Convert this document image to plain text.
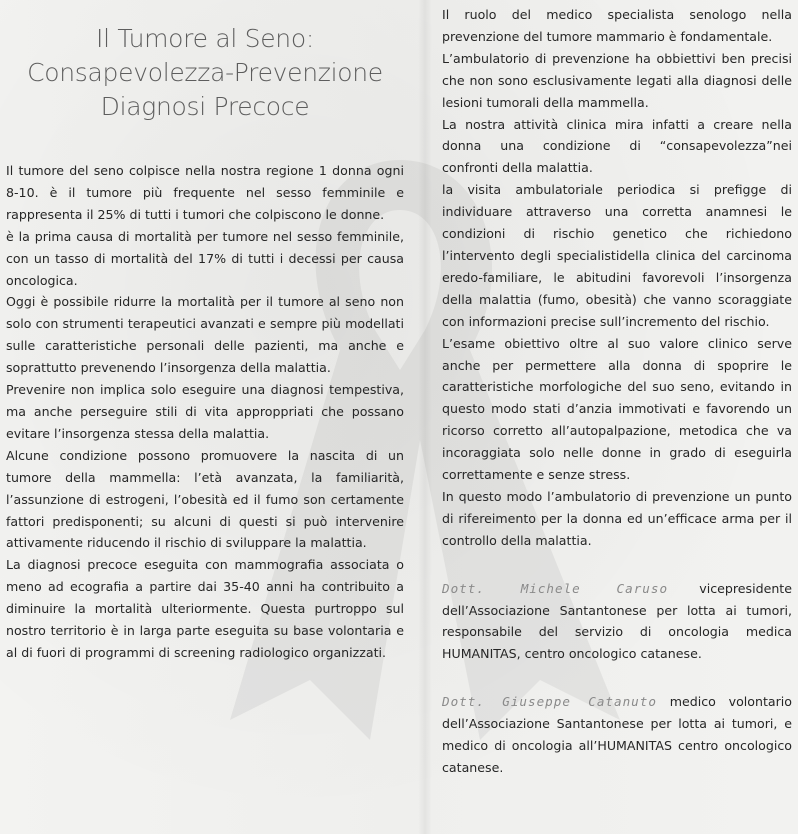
Il Tumore al Seno:
Consapevolezza-Prevenzione
Diagnosi Precoce

Il tumore del seno colpisce nella nostra regione 1 donna ogni 8-10. è il tumore più frequente nel sesso femminile e rappresenta il 25% di tutti i tumori che colpiscono le donne.

è la prima causa di mortalità per tumore nel sesso femminile, con un tasso di mortalità del 17% di tutti i decessi per causa oncologica.

Oggi è possibile ridurre la mortalità per il tumore al seno non solo con strumenti terapeutici avanzati e sempre più modellati sulle caratteristiche personali delle pazienti, ma anche e soprattutto prevenendo l’insorgenza della malattia.

Prevenire non implica solo eseguire una diagnosi tempestiva, ma anche perseguire stili di vita approppriati che possano evitare l’insorgenza stessa della malattia.

Alcune condizione possono promuovere la nascita di un tumore della mammella: l’età avanzata, la familiarità, l’assunzione di estrogeni, l’obesità ed il fumo son certamente fattori predisponenti; su alcuni di questi si può intervenire attivamente riducendo il rischio di sviluppare la malattia.

La diagnosi precoce eseguita con mammografia associata o meno ad ecografia a partire dai 35-40 anni ha contribuito a diminuire la mortalità ulteriormente. Questa purtroppo sul nostro territorio è in larga parte eseguita su base volontaria e al di fuori di programmi di screening radiologico organizzati.

Il ruolo del medico specialista senologo nella prevenzione del tumore mammario è fondamentale.

L’ambulatorio di prevenzione ha obbiettivi ben precisi che non sono esclusivamente legati alla diagnosi delle lesioni tumorali della mammella.

La nostra attività clinica mira infatti a creare nella donna una condizione di “consapevolezza”nei confronti della malattia.

la visita ambulatoriale periodica si prefigge di individuare attraverso una corretta anamnesi le condizioni di rischio genetico che richiedono l’intervento degli specialistidella clinica del carcinoma eredo-familiare, le abitudini favorevoli l’insorgenza della malattia (fumo, obesità) che vanno scoraggiate con informazioni precise sull’incremento del rischio.

L’esame obiettivo oltre al suo valore clinico serve anche per permettere alla donna di spoprire le caratteristiche morfologiche del suo seno, evitando in questo modo stati d’anzia immotivati e favorendo un ricorso corretto all’autopalpazione, metodica che va incoraggiata solo nelle donne in grado di eseguirla correttamente e senze stress.

In questo modo l’ambulatorio di prevenzione un punto di rifereimento per la donna ed un’efficace arma per il controllo della malattia.

Dott. Michele Caruso vicepresidente dell’Associazione Santantonese per lotta ai tumori, responsabile del servizio di oncologia medica HUMANITAS, centro oncologico catanese.

Dott. Giuseppe Catanuto medico volontario dell’Associazione Santantonese per lotta ai tumori, e medico di oncologia all’HUMANITAS centro oncologico catanese.
